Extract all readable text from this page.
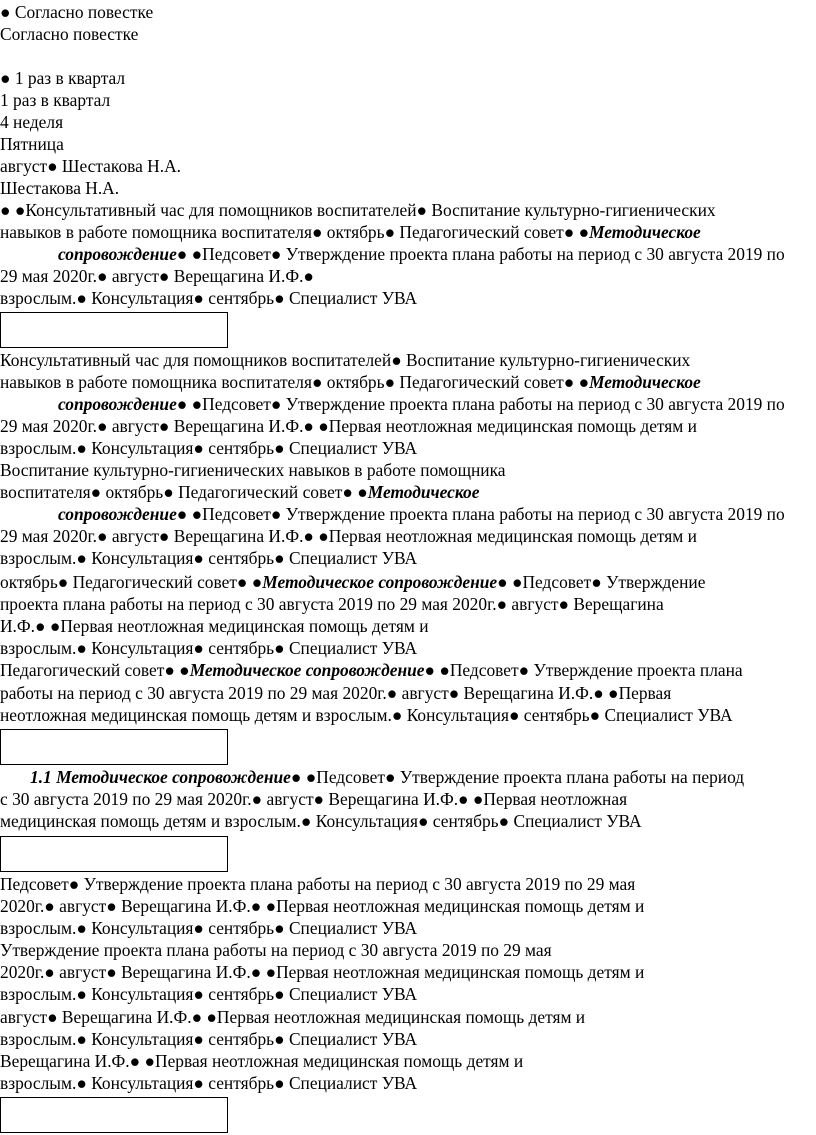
● Согласно повестке
Согласно повестке
● 1 раз в квартал
1 раз в квартал
4 неделя
Пятница
август● Шестакова Н.А.
Шестакова Н.А.
● ●Консультативный час для помощников воспитателей● Воспитание культурно-гигиенических
навыков в работе помощника воспитателя● октябрь● Педагогический совет● ●Методическое
сопровождение● ●Педсовет● Утверждение проекта плана работы на период с 30 августа 2019 по
29 мая 2020г.● август● Верещагина И.Ф.●
взрослым.● Консультация● сентябрь● Специалист УВА
Консультативный час для помощников воспитателей● Воспитание культурно-гигиенических
навыков в работе помощника воспитателя● октябрь● Педагогический совет● ●Методическое
сопровождение● ●Педсовет● Утверждение проекта плана работы на период с 30 августа 2019 по
29 мая 2020г.● август● Верещагина И.Ф.● ●Первая неотложная медицинская помощь детям и
взрослым.● Консультация● сентябрь● Специалист УВА
Воспитание культурно-гигиенических навыков в работе помощника
воспитателя● октябрь● Педагогический совет● ●Методическое
сопровождение● ●Педсовет● Утверждение проекта плана работы на период с 30 августа 2019 по
29 мая 2020г.● август● Верещагина И.Ф.● ●Первая неотложная медицинская помощь детям и
взрослым.● Консультация● сентябрь● Специалист УВА
октябрь● Педагогический совет● ●Методическое сопровождение● ●Педсовет● Утверждение
проекта плана работы на период с 30 августа 2019 по 29 мая 2020г.● август● Верещагина
И.Ф.● ●Первая неотложная медицинская помощь детям и
взрослым.● Консультация● сентябрь● Специалист УВА
Педагогический совет● ●Методическое сопровождение● ●Педсовет● Утверждение проекта плана
работы на период с 30 августа 2019 по 29 мая 2020г.● август● Верещагина И.Ф.● ●Первая
неотложная медицинская помощь детям и взрослым.● Консультация● сентябрь● Специалист УВА
1.1 Методическое сопровождение● ●Педсовет● Утверждение проекта плана работы на период
с 30 августа 2019 по 29 мая 2020г.● август● Верещагина И.Ф.● ●Первая неотложная
медицинская помощь детям и взрослым.● Консультация● сентябрь● Специалист УВА
Педсовет● Утверждение проекта плана работы на период с 30 августа 2019 по 29 мая
2020г.● август● Верещагина И.Ф.● ●Первая неотложная медицинская помощь детям и
взрослым.● Консультация● сентябрь● Специалист УВА
Утверждение проекта плана работы на период с 30 августа 2019 по 29 мая
2020г.● август● Верещагина И.Ф.● ●Первая неотложная медицинская помощь детям и
взрослым.● Консультация● сентябрь● Специалист УВА
август● Верещагина И.Ф.● ●Первая неотложная медицинская помощь детям и
взрослым.● Консультация● сентябрь● Специалист УВА
Верещагина И.Ф.● ●Первая неотложная медицинская помощь детям и
взрослым.● Консультация● сентябрь● Специалист УВА
